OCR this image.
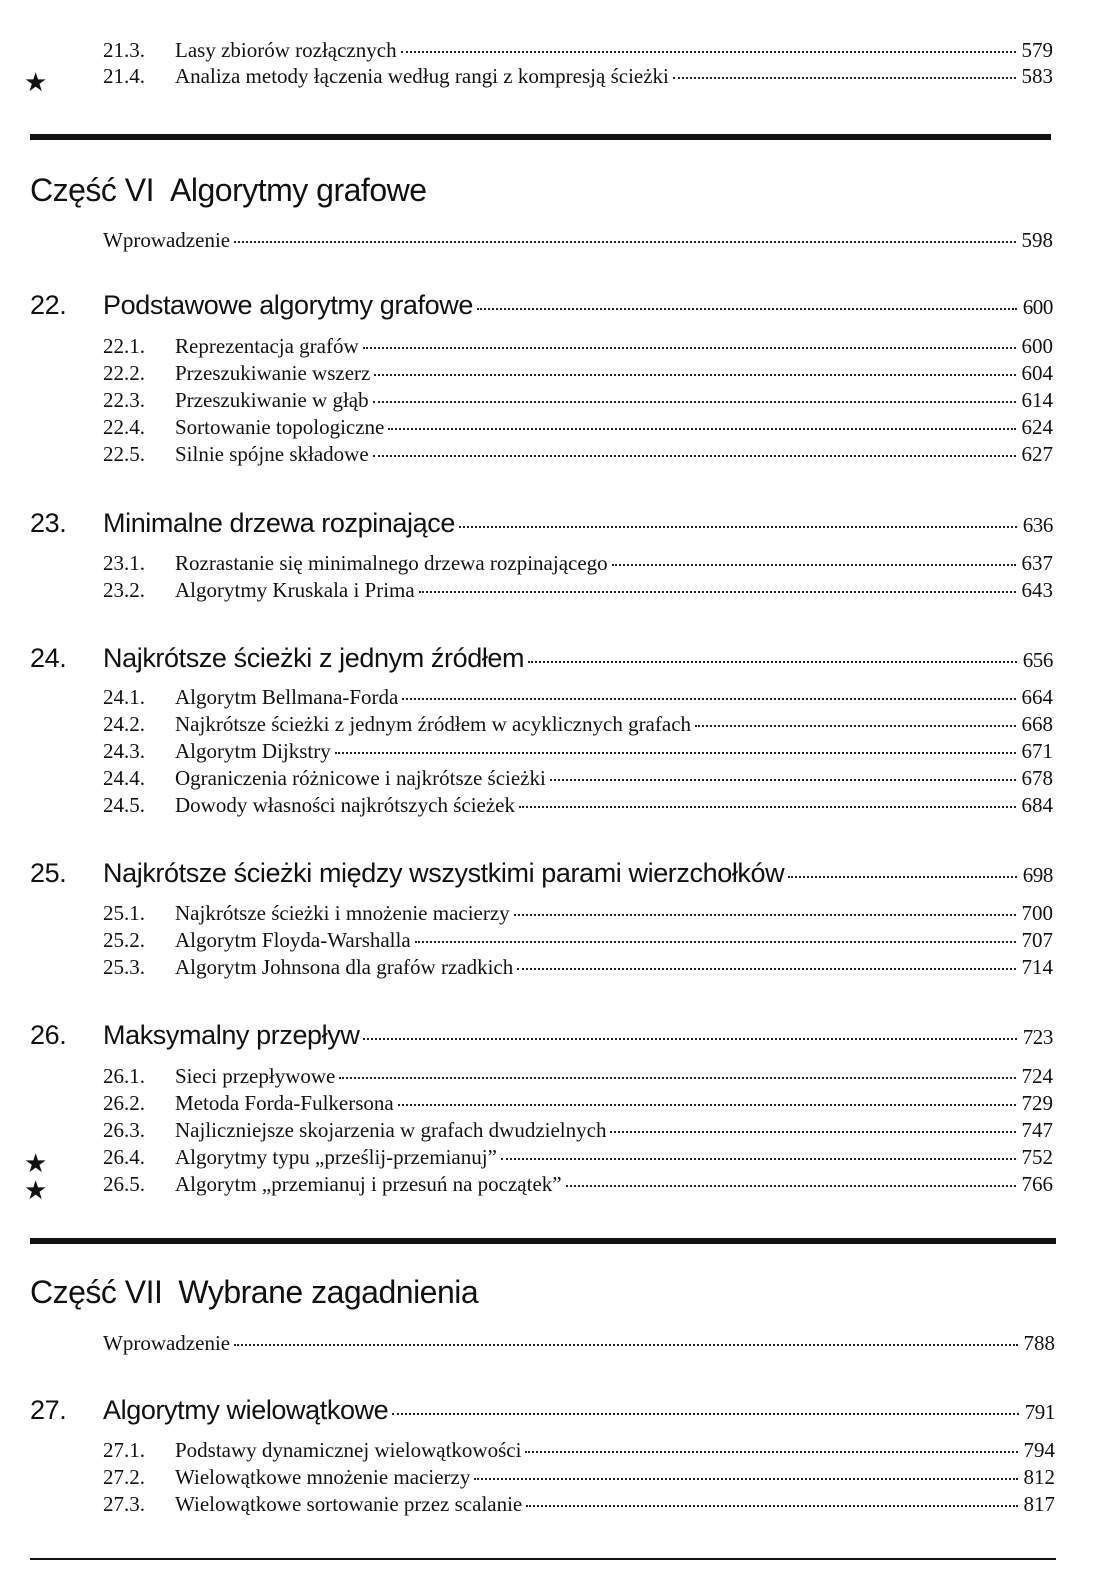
21.3.	Lasy zbiorów rozłącznych	579
★	21.4.	Analiza metody łączenia według rangi z kompresją ścieżki	583
Część VI Algorytmy grafowe
Wprowadzenie	598
22.	Podstawowe algorytmy grafowe	600
22.1.	Reprezentacja grafów	600
22.2.	Przeszukiwanie wszerz	604
22.3.	Przeszukiwanie w głąb	614
22.4.	Sortowanie topologiczne	624
22.5.	Silnie spójne składowe	627
23.	Minimalne drzewa rozpinające	636
23.1.	Rozrastanie się minimalnego drzewa rozpinającego	637
23.2.	Algorytmy Kruskala i Prima	643
24.	Najkrótsze ścieżki z jednym źródłem	656
24.1.	Algorytm Bellmana-Forda	664
24.2.	Najkrótsze ścieżki z jednym źródłem w acyklicznych grafach	668
24.3.	Algorytm Dijkstry	671
24.4.	Ograniczenia różnicowe i najkrótsze ścieżki	678
24.5.	Dowody własności najkrótszych ścieżek	684
25.	Najkrótsze ścieżki między wszystkimi parami wierzchołków	698
25.1.	Najkrótsze ścieżki i mnożenie macierzy	700
25.2.	Algorytm Floyda-Warshalla	707
25.3.	Algorytm Johnsona dla grafów rzadkich	714
26.	Maksymalny przepływ	723
26.1.	Sieci przepływowe	724
26.2.	Metoda Forda-Fulkersona	729
26.3.	Najliczniejsze skojarzenia w grafach dwudzielnych	747
★	26.4.	Algorytmy typu „prześlij-przemianuj”	752
★	26.5.	Algorytm „przemianuj i przesuń na początek”	766
Część VII Wybrane zagadnienia
Wprowadzenie	788
27.	Algorytmy wielowątkowe	791
27.1.	Podstawy dynamicznej wielowątkowości	794
27.2.	Wielowątkowe mnożenie macierzy	812
27.3.	Wielowątkowe sortowanie przez scalanie	817
